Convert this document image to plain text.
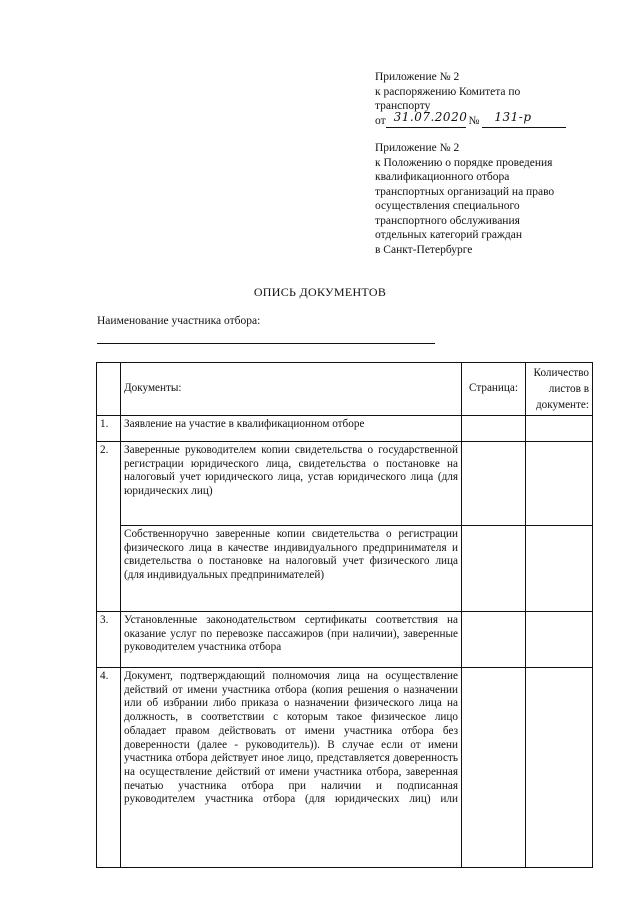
Приложение № 2
к распоряжению Комитета по
транспорту
от 31.07.2020 № 131-р
Приложение № 2
к Положению о порядке проведения
квалификационного отбора
транспортных организаций на право
осуществления специального
транспортного обслуживания
отдельных категорий граждан
в Санкт-Петербурге
ОПИСЬ ДОКУМЕНТОВ
Наименование участника отбора:
	Документы:	Страница:	Количество листов в документе:
1.	Заявление на участие в квалификационном отборе		
2.	Заверенные руководителем копии свидетельства о государственной регистрации юридического лица, свидетельства о постановке на налоговый учет юридического лица, устав юридического лица (для юридических лиц)		
	Собственноручно заверенные копии свидетельства о регистрации физического лица в качестве индивидуального предпринимателя и свидетельства о постановке на налоговый учет физического лица (для индивидуальных предпринимателей)		
3.	Установленные законодательством сертификаты соответствия на оказание услуг по перевозке пассажиров (при наличии), заверенные руководителем участника отбора		
4.	Документ, подтверждающий полномочия лица на осуществление действий от имени участника отбора (копия решения о назначении или об избрании либо приказа о назначении физического лица на должность, в соответствии с которым такое физическое лицо обладает правом действовать от имени участника отбора без доверенности (далее - руководитель)). В случае если от имени участника отбора действует иное лицо, представляется доверенность на осуществление действий от имени участника отбора, заверенная печатью участника отбора при наличии и подписанная руководителем участника отбора (для юридических лиц) или		
